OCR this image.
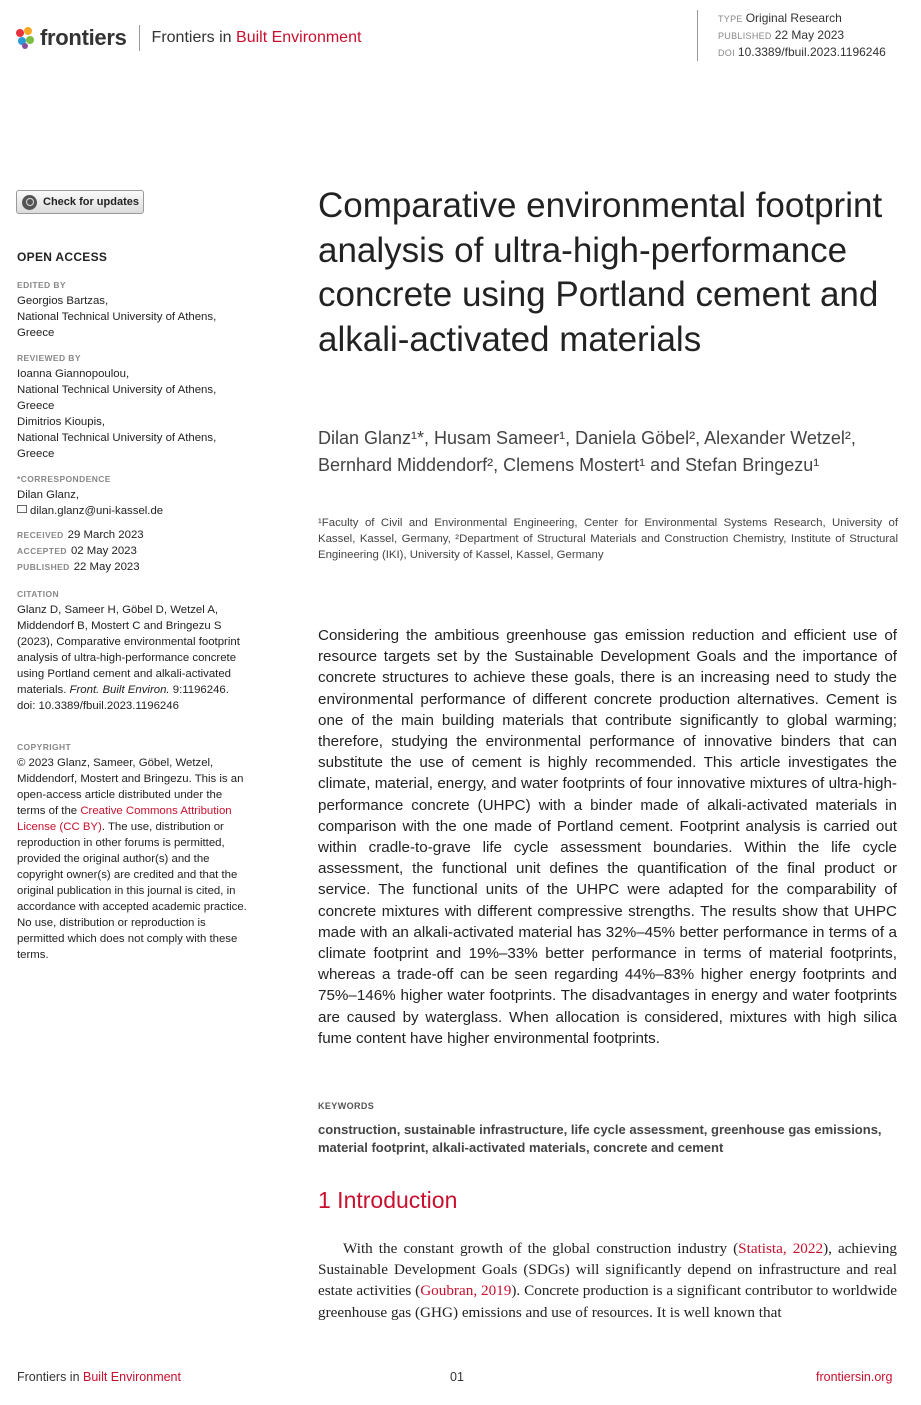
frontiers Frontiers in Built Environment
TYPE Original Research
PUBLISHED 22 May 2023
DOI 10.3389/fbuil.2023.1196246
Check for updates
OPEN ACCESS
EDITED BY
Georgios Bartzas,
National Technical University of Athens,
Greece
REVIEWED BY
Ioanna Giannopoulou,
National Technical University of Athens,
Greece
Dimitrios Kioupis,
National Technical University of Athens,
Greece
*CORRESPONDENCE
Dilan Glanz,
dilan.glanz@uni-kassel.de
RECEIVED 29 March 2023
ACCEPTED 02 May 2023
PUBLISHED 22 May 2023
CITATION
Glanz D, Sameer H, Göbel D, Wetzel A, Middendorf B, Mostert C and Bringezu S (2023), Comparative environmental footprint analysis of ultra-high-performance concrete using Portland cement and alkali-activated materials. Front. Built Environ. 9:1196246.
doi: 10.3389/fbuil.2023.1196246
COPYRIGHT
© 2023 Glanz, Sameer, Göbel, Wetzel, Middendorf, Mostert and Bringezu. This is an open-access article distributed under the terms of the Creative Commons Attribution License (CC BY). The use, distribution or reproduction in other forums is permitted, provided the original author(s) and the copyright owner(s) are credited and that the original publication in this journal is cited, in accordance with accepted academic practice. No use, distribution or reproduction is permitted which does not comply with these terms.
Comparative environmental footprint analysis of ultra-high-performance concrete using Portland cement and alkali-activated materials
Dilan Glanz¹*, Husam Sameer¹, Daniela Göbel², Alexander Wetzel², Bernhard Middendorf², Clemens Mostert¹ and Stefan Bringezu¹
¹Faculty of Civil and Environmental Engineering, Center for Environmental Systems Research, University of Kassel, Kassel, Germany, ²Department of Structural Materials and Construction Chemistry, Institute of Structural Engineering (IKI), University of Kassel, Kassel, Germany
Considering the ambitious greenhouse gas emission reduction and efficient use of resource targets set by the Sustainable Development Goals and the importance of concrete structures to achieve these goals, there is an increasing need to study the environmental performance of different concrete production alternatives. Cement is one of the main building materials that contribute significantly to global warming; therefore, studying the environmental performance of innovative binders that can substitute the use of cement is highly recommended. This article investigates the climate, material, energy, and water footprints of four innovative mixtures of ultra-high-performance concrete (UHPC) with a binder made of alkali-activated materials in comparison with the one made of Portland cement. Footprint analysis is carried out within cradle-to-grave life cycle assessment boundaries. Within the life cycle assessment, the functional unit defines the quantification of the final product or service. The functional units of the UHPC were adapted for the comparability of concrete mixtures with different compressive strengths. The results show that UHPC made with an alkali-activated material has 32%–45% better performance in terms of a climate footprint and 19%–33% better performance in terms of material footprints, whereas a trade-off can be seen regarding 44%–83% higher energy footprints and 75%–146% higher water footprints. The disadvantages in energy and water footprints are caused by waterglass. When allocation is considered, mixtures with high silica fume content have higher environmental footprints.
KEYWORDS
construction, sustainable infrastructure, life cycle assessment, greenhouse gas emissions, material footprint, alkali-activated materials, concrete and cement
1 Introduction
With the constant growth of the global construction industry (Statista, 2022), achieving Sustainable Development Goals (SDGs) will significantly depend on infrastructure and real estate activities (Goubran, 2019). Concrete production is a significant contributor to worldwide greenhouse gas (GHG) emissions and use of resources. It is well known that
Frontiers in Built Environment	01	frontiersin.org
